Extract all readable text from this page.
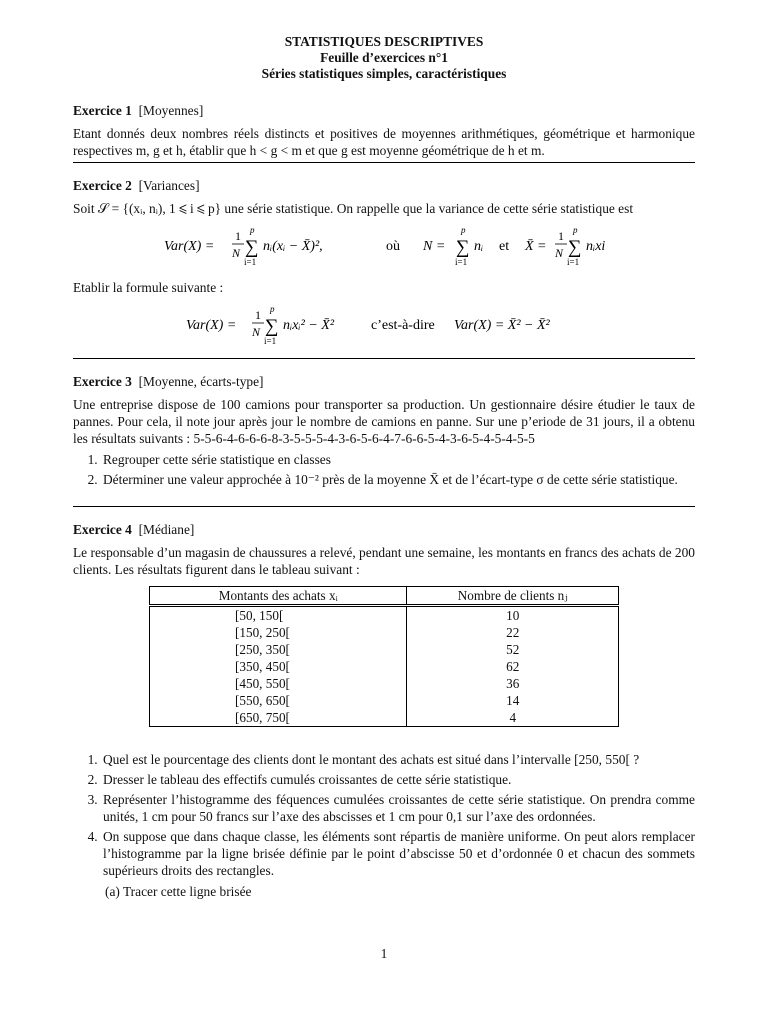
STATISTIQUES DESCRIPTIVES
Feuille d’exercices n°1
Séries statistiques simples, caractéristiques
Exercice 1 [Moyennes]

Etant donnés deux nombres réels distincts et positives de moyennes arithmétiques, géométrique et harmonique respectives m, g et h, établir que h < g < m et que g est moyenne géométrique de h et m.

Exercice 2 [Variances]

Soit 𝒮 = {(xᵢ, nᵢ), 1 ⩽ i ⩽ p} une série statistique. On rappelle que la variance de cette série statistique est

Var(X) =
1
N
p
∑
i=1
nᵢ(xᵢ − X̄)²,	où N =
p
∑
i=1
nᵢ et X̄ =
1
N
p
∑
i=1
nᵢxi

Etablir la formule suivante :

Var(X) =
1
N
p
∑
i=1
nᵢxᵢ² − X̄²	c’est-à-dire Var(X) = X̄² − X̄²
Exercice 3 [Moyenne, écarts-type]

Une entreprise dispose de 100 camions pour transporter sa production. Un gestionnaire désire étudier le taux de pannes. Pour cela, il note jour après jour le nombre de camions en panne. Sur une p’eriode de 31 jours, il a obtenu les résultats suivants : 5-5-6-4-6-6-6-8-3-5-5-5-4-3-6-5-6-4-7-6-6-5-4-3-6-5-4-5-4-5-5

1. Regrouper cette série statistique en classes
2. Déterminer une valeur approchée à 10⁻² près de la moyenne X̄ et de l’écart-type σ de cette série statistique.
Exercice 4 [Médiane]

Le responsable d’un magasin de chaussures a relevé, pendant une semaine, les montants en francs des achats de 200 clients. Les résultats figurent dans le tableau suivant :

Montants des achats xᵢ	Nombre de clients nⱼ
[50, 150[	10
[150, 250[	22
[250, 350[	52
[350, 450[	62
[450, 550[	36
[550, 650[	14
[650, 750[	4
1. Quel est le pourcentage des clients dont le montant des achats est situé dans l’intervalle [250, 550[ ?
2. Dresser le tableau des effectifs cumulés croissantes de cette série statistique.
3. Représenter l’histogramme des féquences cumulées croissantes de cette série statistique. On prendra comme unités, 1 cm pour 50 francs sur l’axe des abscisses et 1 cm pour 0,1 sur l’axe des ordonnées.
4. On suppose que dans chaque classe, les éléments sont répartis de manière uniforme. On peut alors remplacer l’histogramme par la ligne brisée définie par le point d’abscisse 50 et d’ordonnée 0 et chacun des sommets supérieurs droits des rectangles.
(a) Tracer cette ligne brisée
1
